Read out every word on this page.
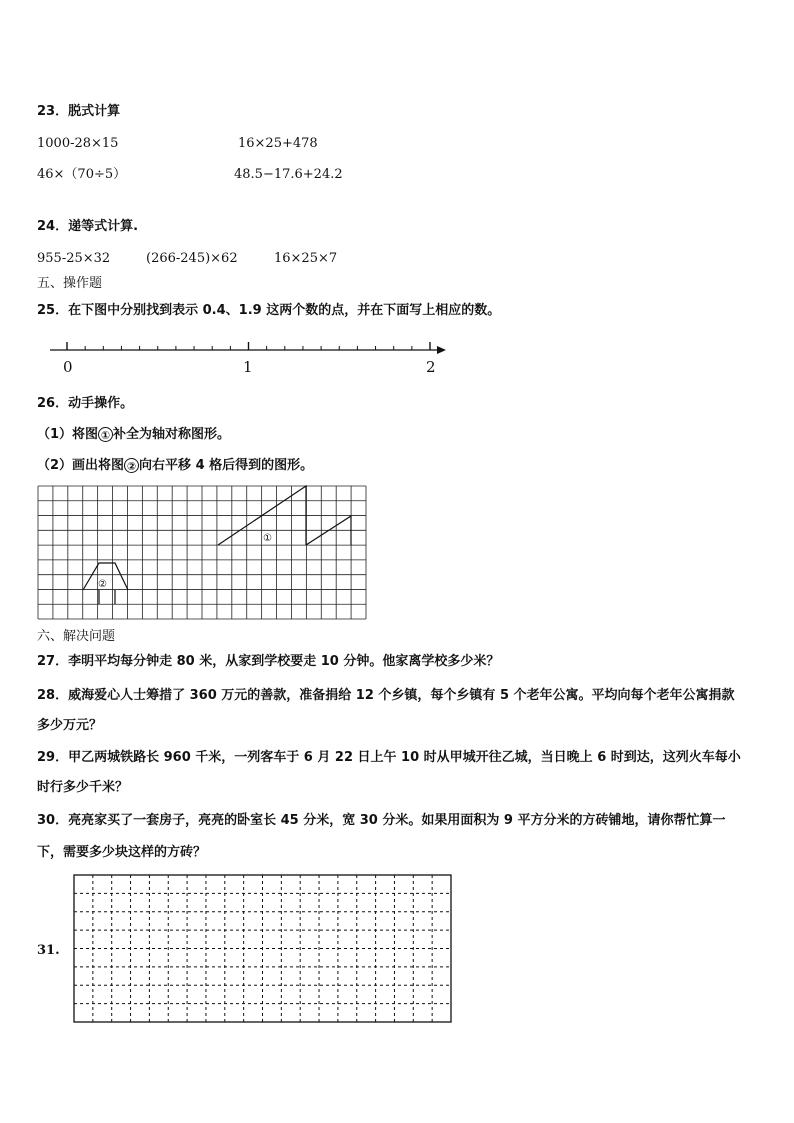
23．脱式计算
1000-28×15	16×25+478
46×（70÷5）	48.5−17.6+24.2
24．递等式计算.
955-25×32	(266-245)×62	16×25×7
五、操作题
25．在下图中分别找到表示 0.4、1.9 这两个数的点，并在下面写上相应的数。
0	1	2
26．动手操作。
（1）将图 ① 补全为轴对称图形。
（2）画出将图 ② 向右平移 4 格后得到的图形。
①
②
六、解决问题
27．李明平均每分钟走 80 米，从家到学校要走 10 分钟。他家离学校多少米？
28．威海爱心人士筹措了 360 万元的善款，准备捐给 12 个乡镇，每个乡镇有 5 个老年公寓。平均向每个老年公寓捐款
多少万元？
29．甲乙两城铁路长 960 千米，一列客车于 6 月 22 日上午 10 时从甲城开往乙城，当日晚上 6 时到达，这列火车每小
时行多少千米？
30．亮亮家买了一套房子，亮亮的卧室长 45 分米，宽 30 分米。如果用面积为 9 平方分米的方砖铺地，请你帮忙算一
下，需要多少块这样的方砖？
31.
